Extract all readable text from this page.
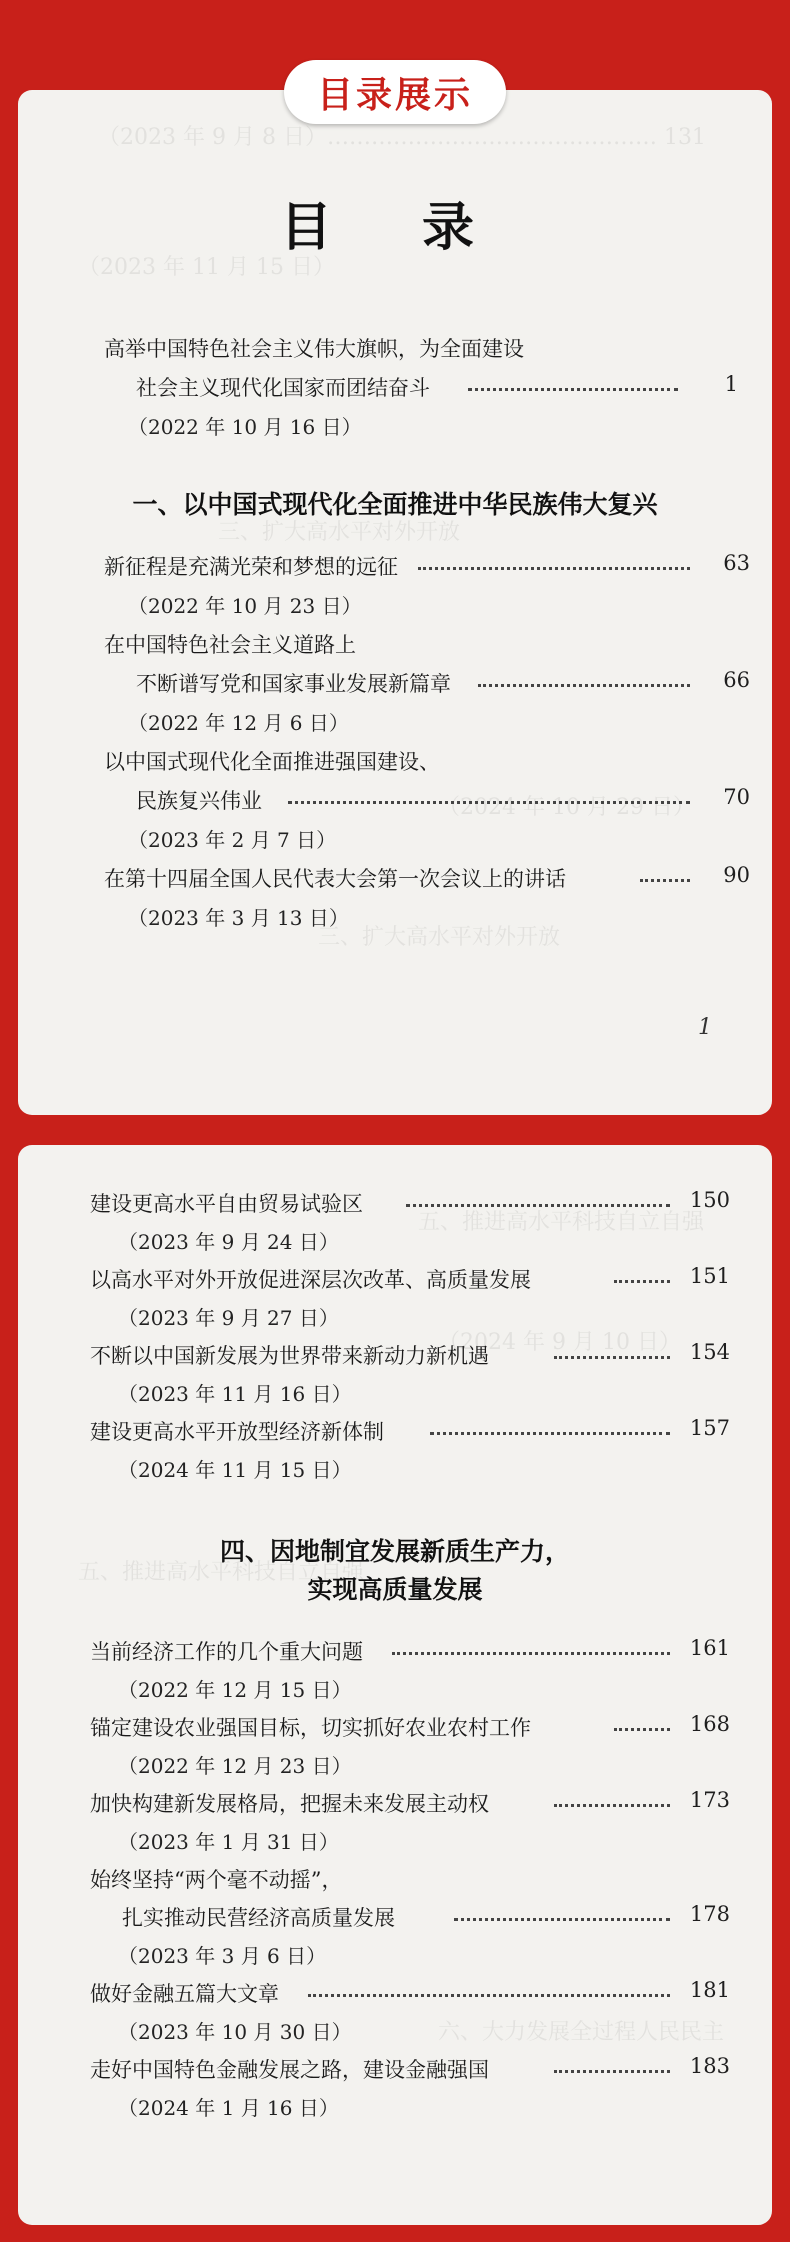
目录展示
（2023 年 9 月 8 日）……………………………………… 131
（2023 年 11 月 15 日）
三、扩大高水平对外开放
（2024 年 10 月 29 日）
三、扩大高水平对外开放
目 录
高举中国特色社会主义伟大旗帜，为全面建设
社会主义现代化国家而团结奋斗	1
（2022 年 10 月 16 日）
一、以中国式现代化全面推进中华民族伟大复兴
新征程是充满光荣和梦想的远征	63
（2022 年 10 月 23 日）
在中国特色社会主义道路上
不断谱写党和国家事业发展新篇章	66
（2022 年 12 月 6 日）
以中国式现代化全面推进强国建设、
民族复兴伟业	70
（2023 年 2 月 7 日）
在第十四届全国人民代表大会第一次会议上的讲话	90
（2023 年 3 月 13 日）
1
五、推进高水平科技自立自强
（2024 年 9 月 10 日）
五、推进高水平科技自立自强
六、大力发展全过程人民民主
建设更高水平自由贸易试验区	150
（2023 年 9 月 24 日）
以高水平对外开放促进深层次改革、高质量发展	151
（2023 年 9 月 27 日）
不断以中国新发展为世界带来新动力新机遇	154
（2023 年 11 月 16 日）
建设更高水平开放型经济新体制	157
（2024 年 11 月 15 日）
四、因地制宜发展新质生产力，
实现高质量发展
当前经济工作的几个重大问题	161
（2022 年 12 月 15 日）
锚定建设农业强国目标，切实抓好农业农村工作	168
（2022 年 12 月 23 日）
加快构建新发展格局，把握未来发展主动权	173
（2023 年 1 月 31 日）
始终坚持“两个毫不动摇”，
扎实推动民营经济高质量发展	178
（2023 年 3 月 6 日）
做好金融五篇大文章	181
（2023 年 10 月 30 日）
走好中国特色金融发展之路，建设金融强国	183
（2024 年 1 月 16 日）
